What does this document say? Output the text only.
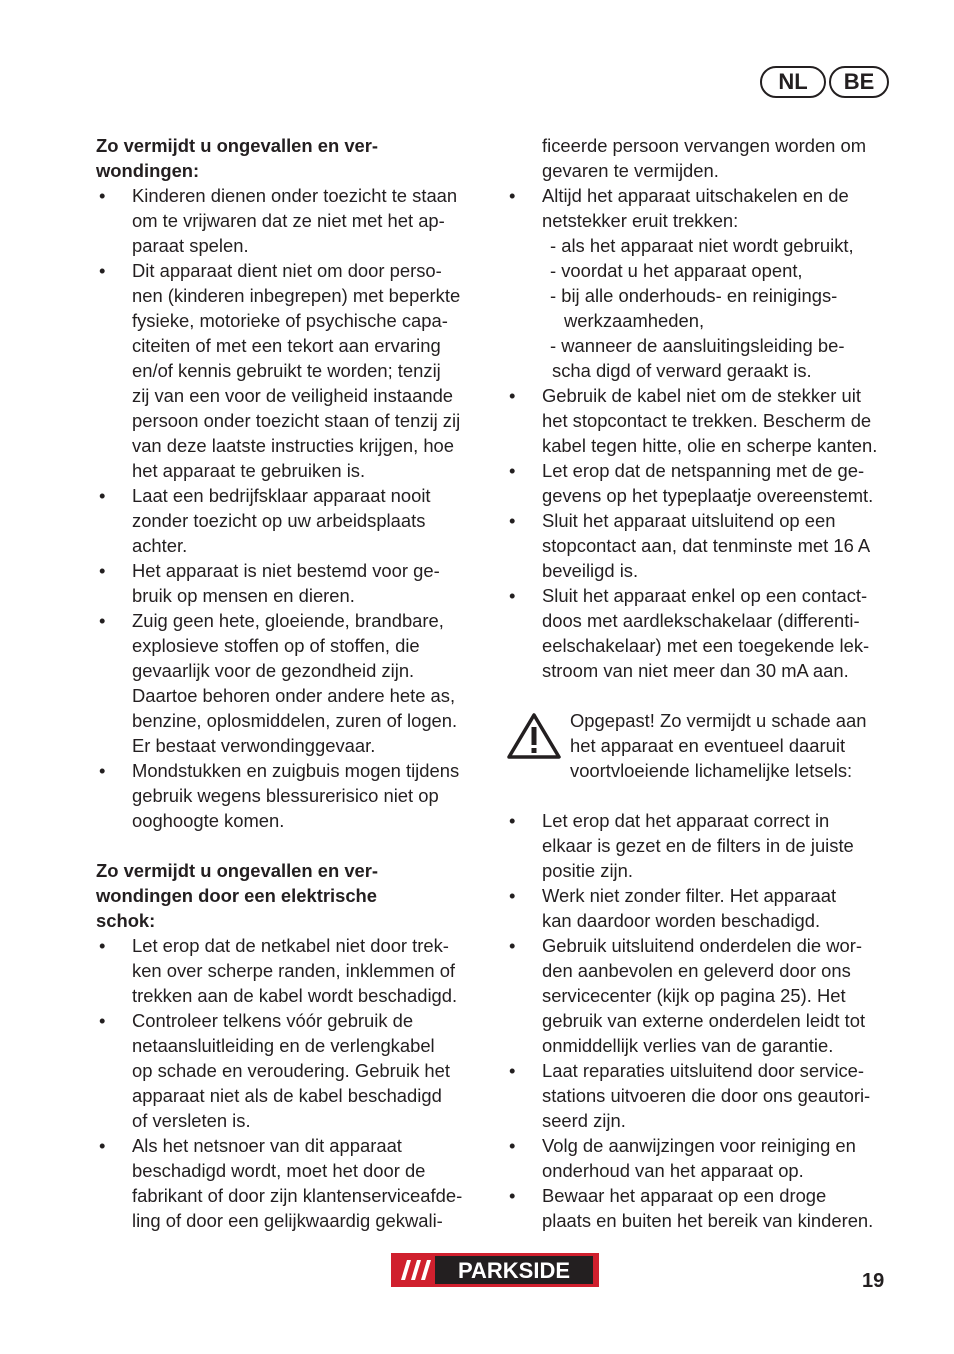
NL	BE

Zo vermijdt u ongevallen en ver-
wondingen:

• Kinderen dienen onder toezicht te staan
om te vrijwaren dat ze niet met het ap-
paraat spelen.
• Dit apparaat dient niet om door perso-
nen (kinderen inbegrepen) met beperkte
fysieke, motorieke of psychische capa-
citeiten of met een tekort aan ervaring
en/of kennis gebruikt te worden; tenzij
zij van een voor de veiligheid instaande
persoon onder toezicht staan of tenzij zij
van deze laatste instructies krijgen, hoe
het apparaat te gebruiken is.
• Laat een bedrijfsklaar apparaat nooit
zonder toezicht op uw arbeidsplaats
achter.
• Het apparaat is niet bestemd voor ge-
bruik op mensen en dieren.
• Zuig geen hete, gloeiende, brandbare,
explosieve stoffen op of stoffen, die
gevaarlijk voor de gezondheid zijn.
Daartoe behoren onder andere hete as,
benzine, oplosmiddelen, zuren of logen.
Er bestaat verwondinggevaar.
• Mondstukken en zuigbuis mogen tijdens
gebruik wegens blessurerisico niet op
ooghoogte komen.

Zo vermijdt u ongevallen en ver-
wondingen door een elektrische
schok:

• Let erop dat de netkabel niet door trek-
ken over scherpe randen, inklemmen of
trekken aan de kabel wordt beschadigd.
• Controleer telkens vóór gebruik de
netaansluitleiding en de verlengkabel
op schade en veroudering. Gebruik het
apparaat niet als de kabel beschadigd
of versleten is.
• Als het netsnoer van dit apparaat
beschadigd wordt, moet het door de
fabrikant of door zijn klantenserviceafde-
ling of door een gelijkwaardig gekwali-
ficeerde persoon vervangen worden om
gevaren te vermijden.
• Altijd het apparaat uitschakelen en de
netstekker eruit trekken:
- als het apparaat niet wordt gebruikt,
- voordat u het apparaat opent,
- bij alle onderhouds- en reinigings-
werkzaamheden,
- wanneer de aansluitingsleiding be-
scha digd of verward geraakt is.
• Gebruik de kabel niet om de stekker uit
het stopcontact te trekken. Bescherm de
kabel tegen hitte, olie en scherpe kanten.
• Let erop dat de netspanning met de ge-
gevens op het typeplaatje overeenstemt.
• Sluit het apparaat uitsluitend op een
stopcontact aan, dat tenminste met 16 A
beveiligd is.
• Sluit het apparaat enkel op een contact-
doos met aardlekschakelaar (differenti-
eelschakelaar) met een toegekende lek-
stroom van niet meer dan 30 mA aan.
Opgepast! Zo vermijdt u schade aan
het apparaat en eventueel daaruit
voortvloeiende lichamelijke letsels:
• Let erop dat het apparaat correct in
elkaar is gezet en de filters in de juiste
positie zijn.
• Werk niet zonder filter. Het apparaat
kan daardoor worden beschadigd.
• Gebruik uitsluitend onderdelen die wor-
den aanbevolen en geleverd door ons
servicecenter (kijk op pagina 25). Het
gebruik van externe onderdelen leidt tot
onmiddellijk verlies van de garantie.
• Laat reparaties uitsluitend door service-
stations uitvoeren die door ons geautori-
seerd zijn.
• Volg de aanwijzingen voor reiniging en
onderhoud van het apparaat op.
• Bewaar het apparaat op een droge
plaats en buiten het bereik van kinderen.
PARKSIDE	19
